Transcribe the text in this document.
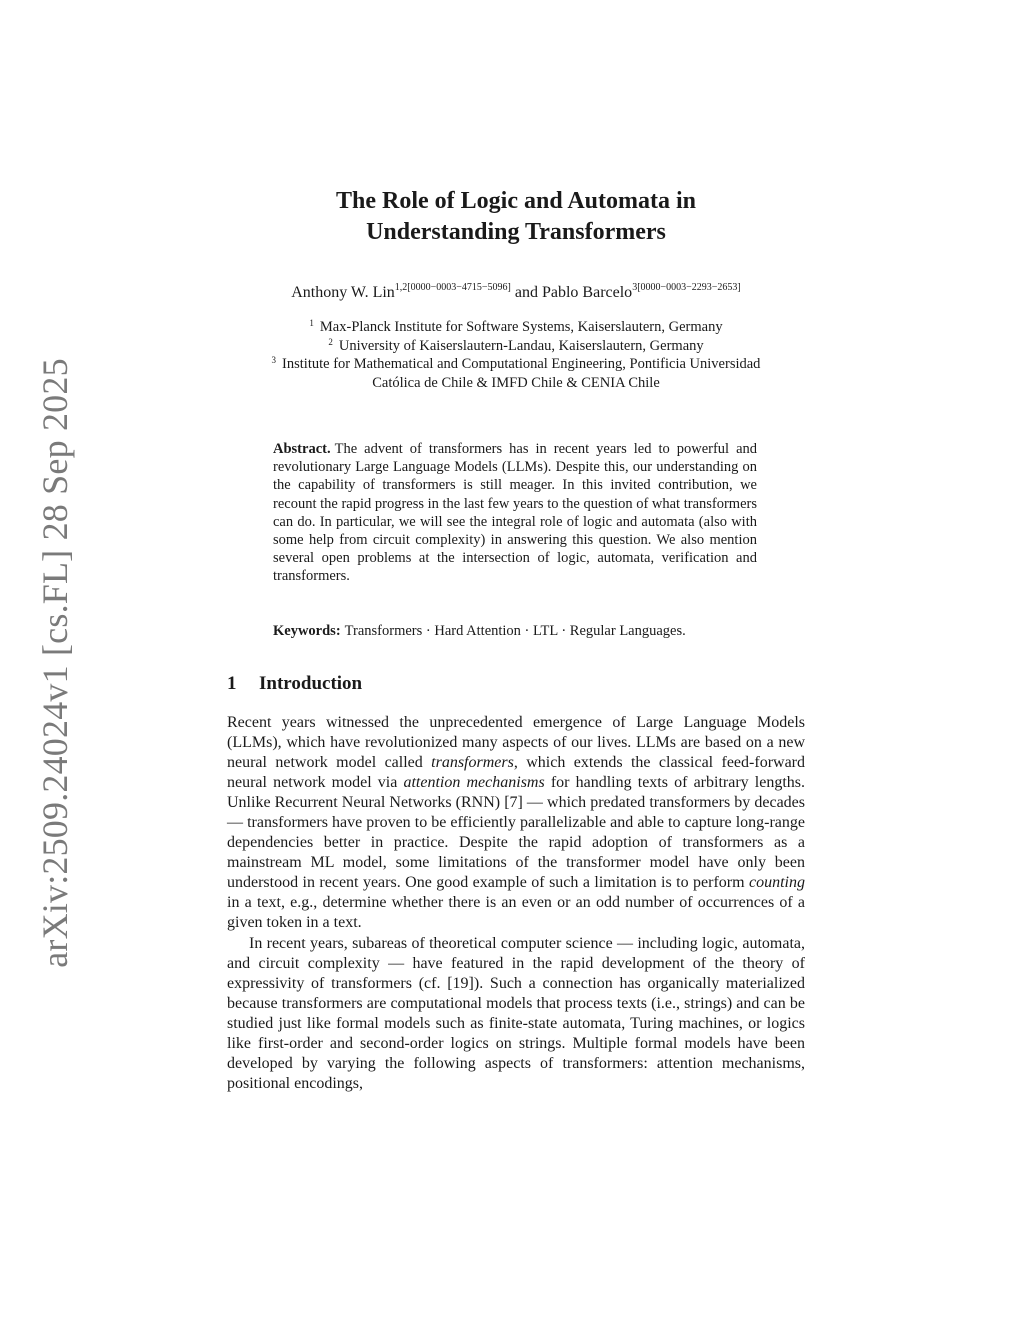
arXiv:2509.24024v1 [cs.FL] 28 Sep 2025
The Role of Logic and Automata in
Understanding Transformers
Anthony W. Lin$^{1,2[0000-0003-4715-5096]}$ and Pablo Barcelo$^{3[0000-0003-2293-2653]}$
$^1$ Max-Planck Institute for Software Systems, Kaiserslautern, Germany
$^2$ University of Kaiserslautern-Landau, Kaiserslautern, Germany
$^3$ Institute for Mathematical and Computational Engineering, Pontificia Universidad
Católica de Chile & IMFD Chile & CENIA Chile
Abstract. The advent of transformers has in recent years led to powerful and revolutionary Large Language Models (LLMs). Despite this, our understanding on the capability of transformers is still meager. In this invited contribution, we recount the rapid progress in the last few years to the question of what transformers can do. In particular, we will see the integral role of logic and automata (also with some help from circuit complexity) in answering this question. We also mention several open problems at the intersection of logic, automata, verification and transformers.
Keywords: Transformers · Hard Attention · LTL · Regular Languages.
1 Introduction

Recent years witnessed the unprecedented emergence of Large Language Models (LLMs), which have revolutionized many aspects of our lives. LLMs are based on a new neural network model called transformers, which extends the classical feed-forward neural network model via attention mechanisms for handling texts of arbitrary lengths. Unlike Recurrent Neural Networks (RNN) [7] — which predated transformers by decades — transformers have proven to be efficiently parallelizable and able to capture long-range dependencies better in practice. Despite the rapid adoption of transformers as a mainstream ML model, some limitations of the transformer model have only been understood in recent years. One good example of such a limitation is to perform counting in a text, e.g., determine whether there is an even or an odd number of occurrences of a given token in a text.

In recent years, subareas of theoretical computer science — including logic, automata, and circuit complexity — have featured in the rapid development of the theory of expressivity of transformers (cf. [19]). Such a connection has organically materialized because transformers are computational models that process texts (i.e., strings) and can be studied just like formal models such as finite-state automata, Turing machines, or logics like first-order and second-order logics on strings. Multiple formal models have been developed by varying the following aspects of transformers: attention mechanisms, positional encodings,
